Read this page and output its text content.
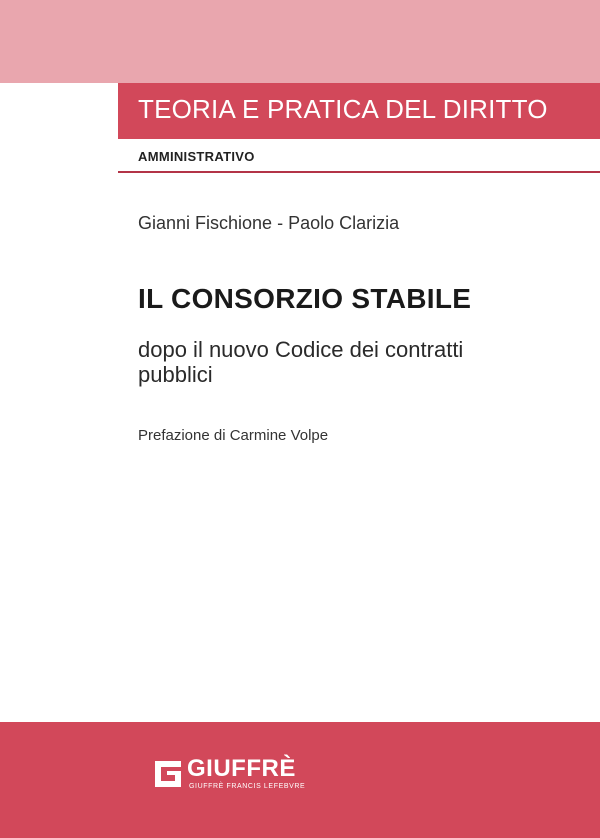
TEORIA E PRATICA DEL DIRITTO
AMMINISTRATIVO
Gianni Fischione - Paolo Clarizia
IL CONSORZIO STABILE
dopo il nuovo Codice dei contratti pubblici
Prefazione di Carmine Volpe
GIUFFRÈ
GIUFFRÈ FRANCIS LEFEBVRE
